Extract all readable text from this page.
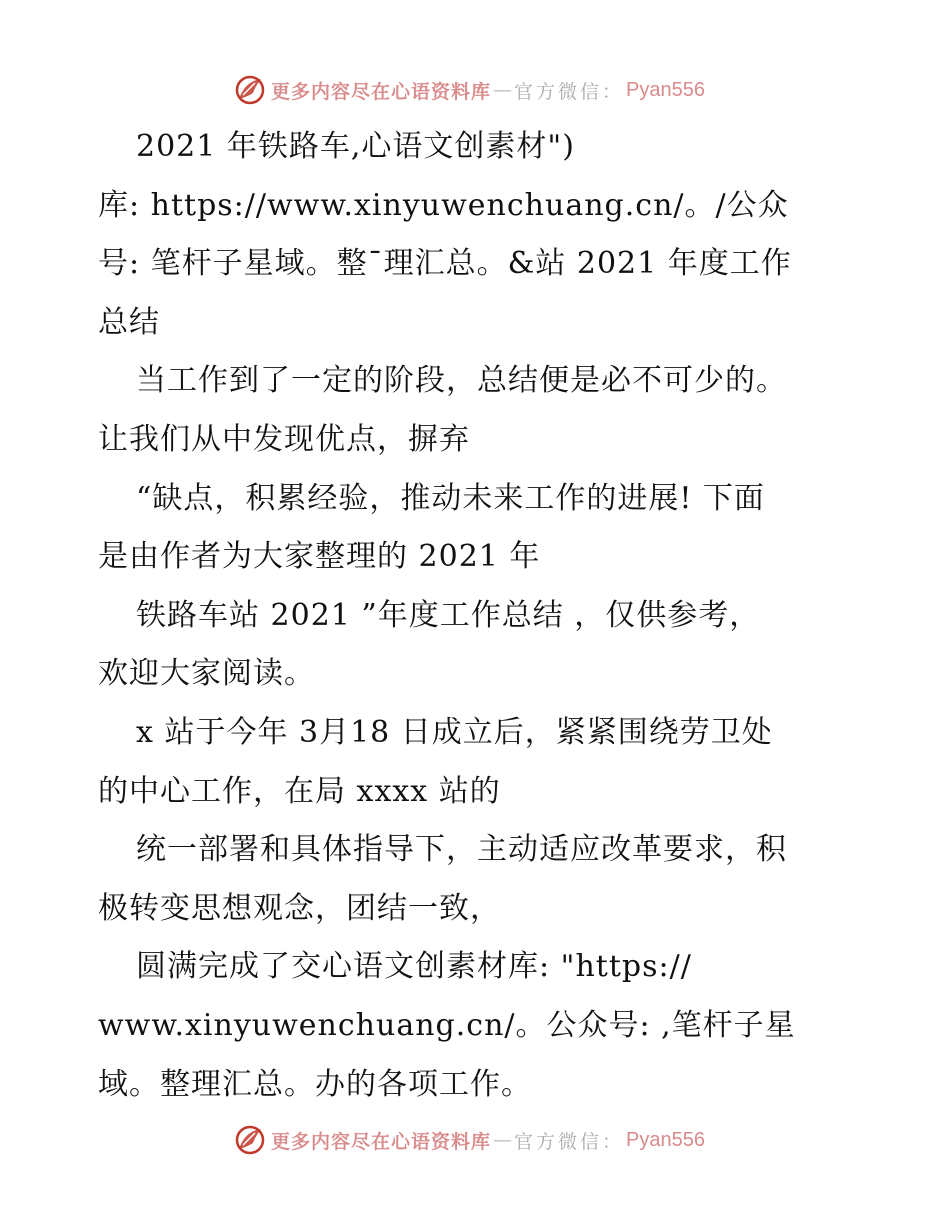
更多内容尽在心语资料库 — 官方微信： Pyan556
2021 年铁路车,心语文创素材")
库: https://www.xinyuwenchuang.cn/。/公众
号: 笔杆子星域。整¯理汇总。&站 2021 年度工作
总结
当工作到了一定的阶段，总结便是必不可少的。
让我们从中发现优点，摒弃
“缺点，积累经验，推动未来工作的进展! 下面
是由作者为大家整理的 2021 年
铁路车站 2021 ”年度工作总结 ，仅供参考，
欢迎大家阅读。
x 站于今年 3月18 日成立后，紧紧围绕劳卫处
的中心工作，在局 xxxx 站的
统一部署和具体指导下，主动适应改革要求，积
极转变思想观念，团结一致，
圆满完成了交心语文创素材库: "https://
www.xinyuwenchuang.cn/。公众号: ,笔杆子星
域。整理汇总。办的各项工作。
更多内容尽在心语资料库 — 官方微信： Pyan556
